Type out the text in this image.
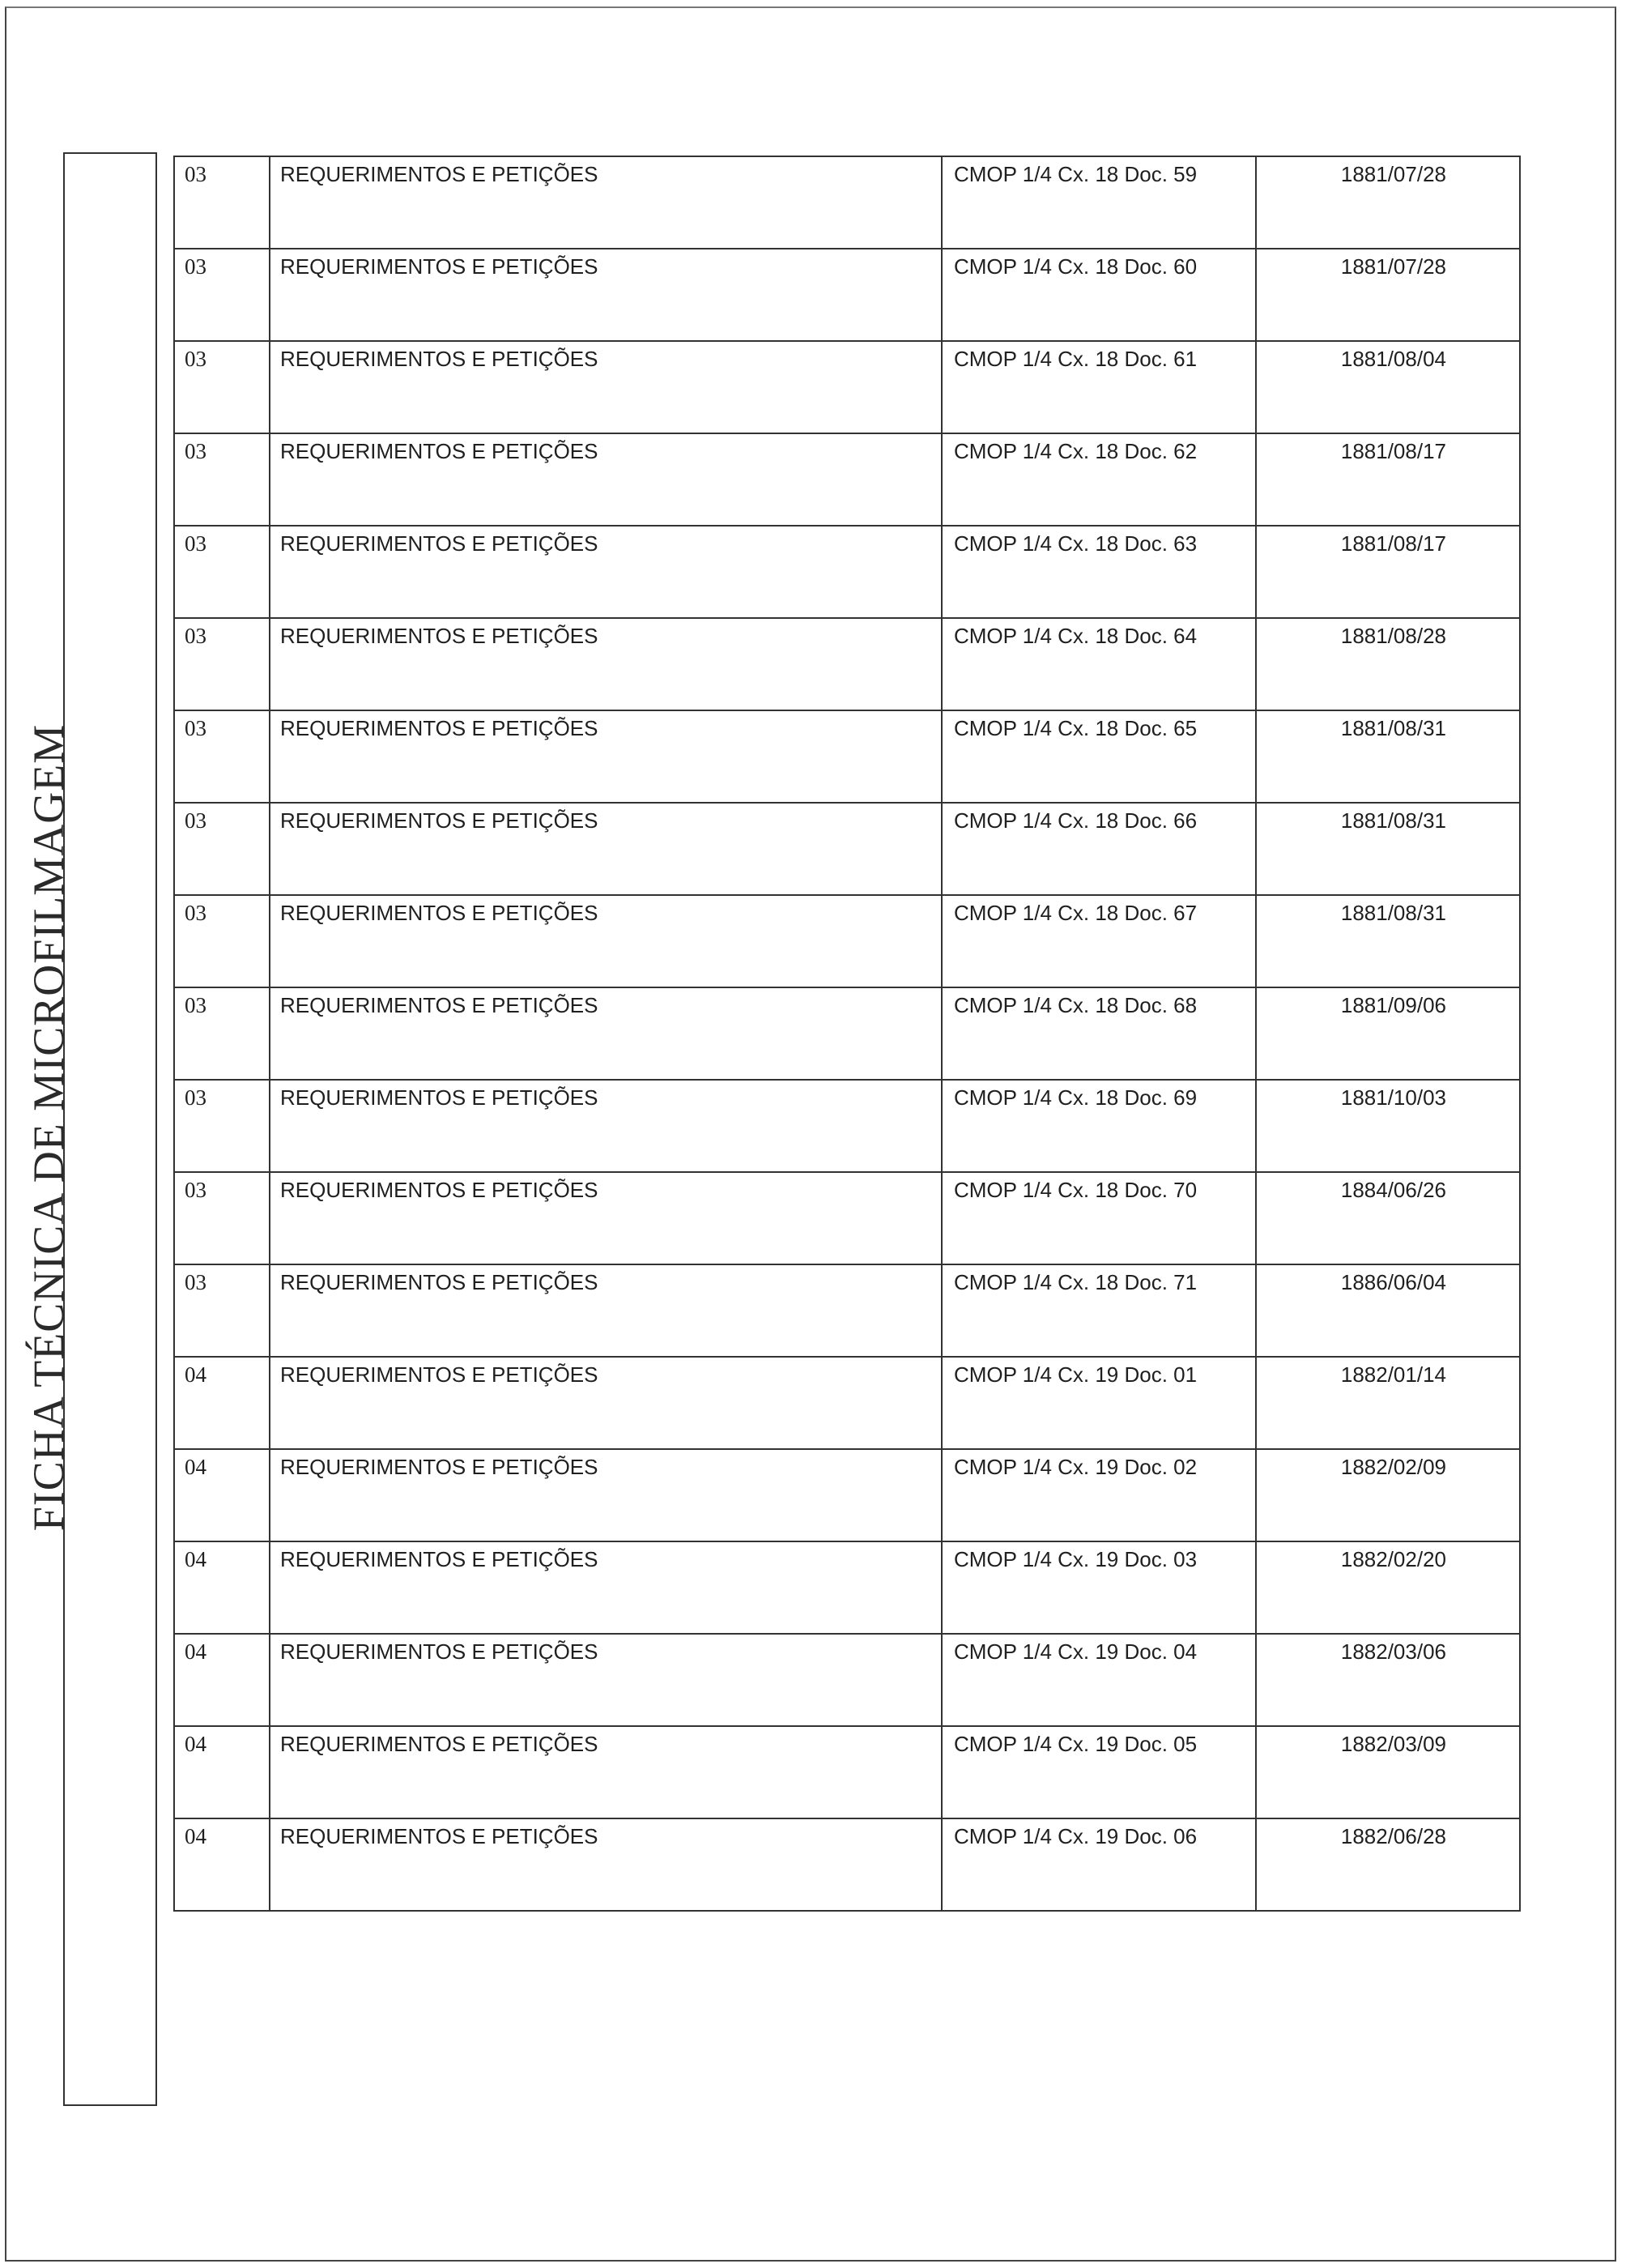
FICHA TÉCNICA DE MICROFILMAGEM
03	REQUERIMENTOS E PETIÇÕES	CMOP 1/4 Cx. 18 Doc. 59	1881/07/28
03	REQUERIMENTOS E PETIÇÕES	CMOP 1/4 Cx. 18 Doc. 60	1881/07/28
03	REQUERIMENTOS E PETIÇÕES	CMOP 1/4 Cx. 18 Doc. 61	1881/08/04
03	REQUERIMENTOS E PETIÇÕES	CMOP 1/4 Cx. 18 Doc. 62	1881/08/17
03	REQUERIMENTOS E PETIÇÕES	CMOP 1/4 Cx. 18 Doc. 63	1881/08/17
03	REQUERIMENTOS E PETIÇÕES	CMOP 1/4 Cx. 18 Doc. 64	1881/08/28
03	REQUERIMENTOS E PETIÇÕES	CMOP 1/4 Cx. 18 Doc. 65	1881/08/31
03	REQUERIMENTOS E PETIÇÕES	CMOP 1/4 Cx. 18 Doc. 66	1881/08/31
03	REQUERIMENTOS E PETIÇÕES	CMOP 1/4 Cx. 18 Doc. 67	1881/08/31
03	REQUERIMENTOS E PETIÇÕES	CMOP 1/4 Cx. 18 Doc. 68	1881/09/06
03	REQUERIMENTOS E PETIÇÕES	CMOP 1/4 Cx. 18 Doc. 69	1881/10/03
03	REQUERIMENTOS E PETIÇÕES	CMOP 1/4 Cx. 18 Doc. 70	1884/06/26
03	REQUERIMENTOS E PETIÇÕES	CMOP 1/4 Cx. 18 Doc. 71	1886/06/04
04	REQUERIMENTOS E PETIÇÕES	CMOP 1/4 Cx. 19 Doc. 01	1882/01/14
04	REQUERIMENTOS E PETIÇÕES	CMOP 1/4 Cx. 19 Doc. 02	1882/02/09
04	REQUERIMENTOS E PETIÇÕES	CMOP 1/4 Cx. 19 Doc. 03	1882/02/20
04	REQUERIMENTOS E PETIÇÕES	CMOP 1/4 Cx. 19 Doc. 04	1882/03/06
04	REQUERIMENTOS E PETIÇÕES	CMOP 1/4 Cx. 19 Doc. 05	1882/03/09
04	REQUERIMENTOS E PETIÇÕES	CMOP 1/4 Cx. 19 Doc. 06	1882/06/28
